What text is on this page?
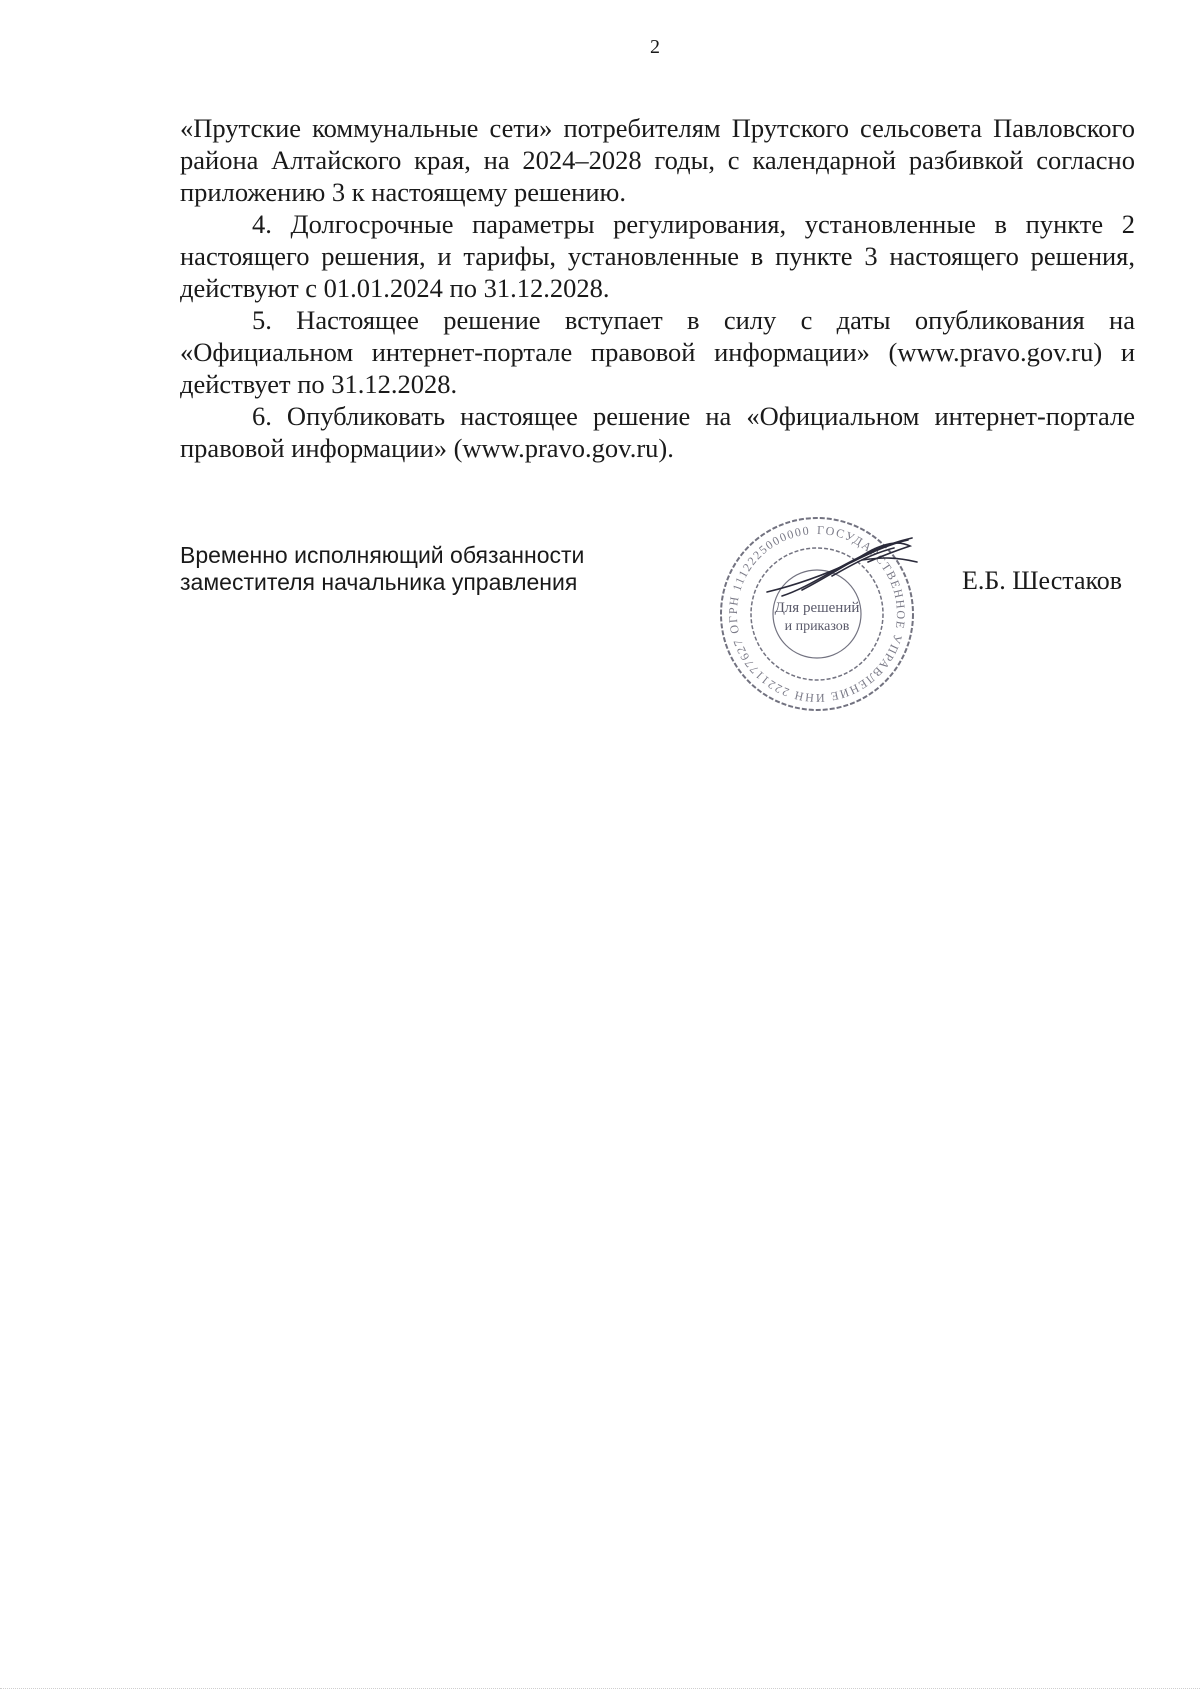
2

«Прутские коммунальные сети» потребителям Прутского сельсовета Павловского района Алтайского края, на 2024–2028 годы, с календарной разбивкой согласно приложению 3 к настоящему решению.

4. Долгосрочные параметры регулирования, установленные в пункте 2 настоящего решения, и тарифы, установленные в пункте 3 настоящего решения, действуют с 01.01.2024 по 31.12.2028.

5. Настоящее решение вступает в силу с даты опубликования на «Официальном интернет-портале правовой информации» (www.pravo.gov.ru) и действует по 31.12.2028.

6. Опубликовать настоящее решение на «Официальном интернет-портале правовой информации» (www.pravo.gov.ru).

Временно исполняющий обязанности
заместителя начальника управления
ГОСУДАРСТВЕННОЕ УПРАВЛЕНИЕ ИНН 2221177627 ОГРН 1112225000000
Для решений
и приказов
Е.Б. Шестаков
